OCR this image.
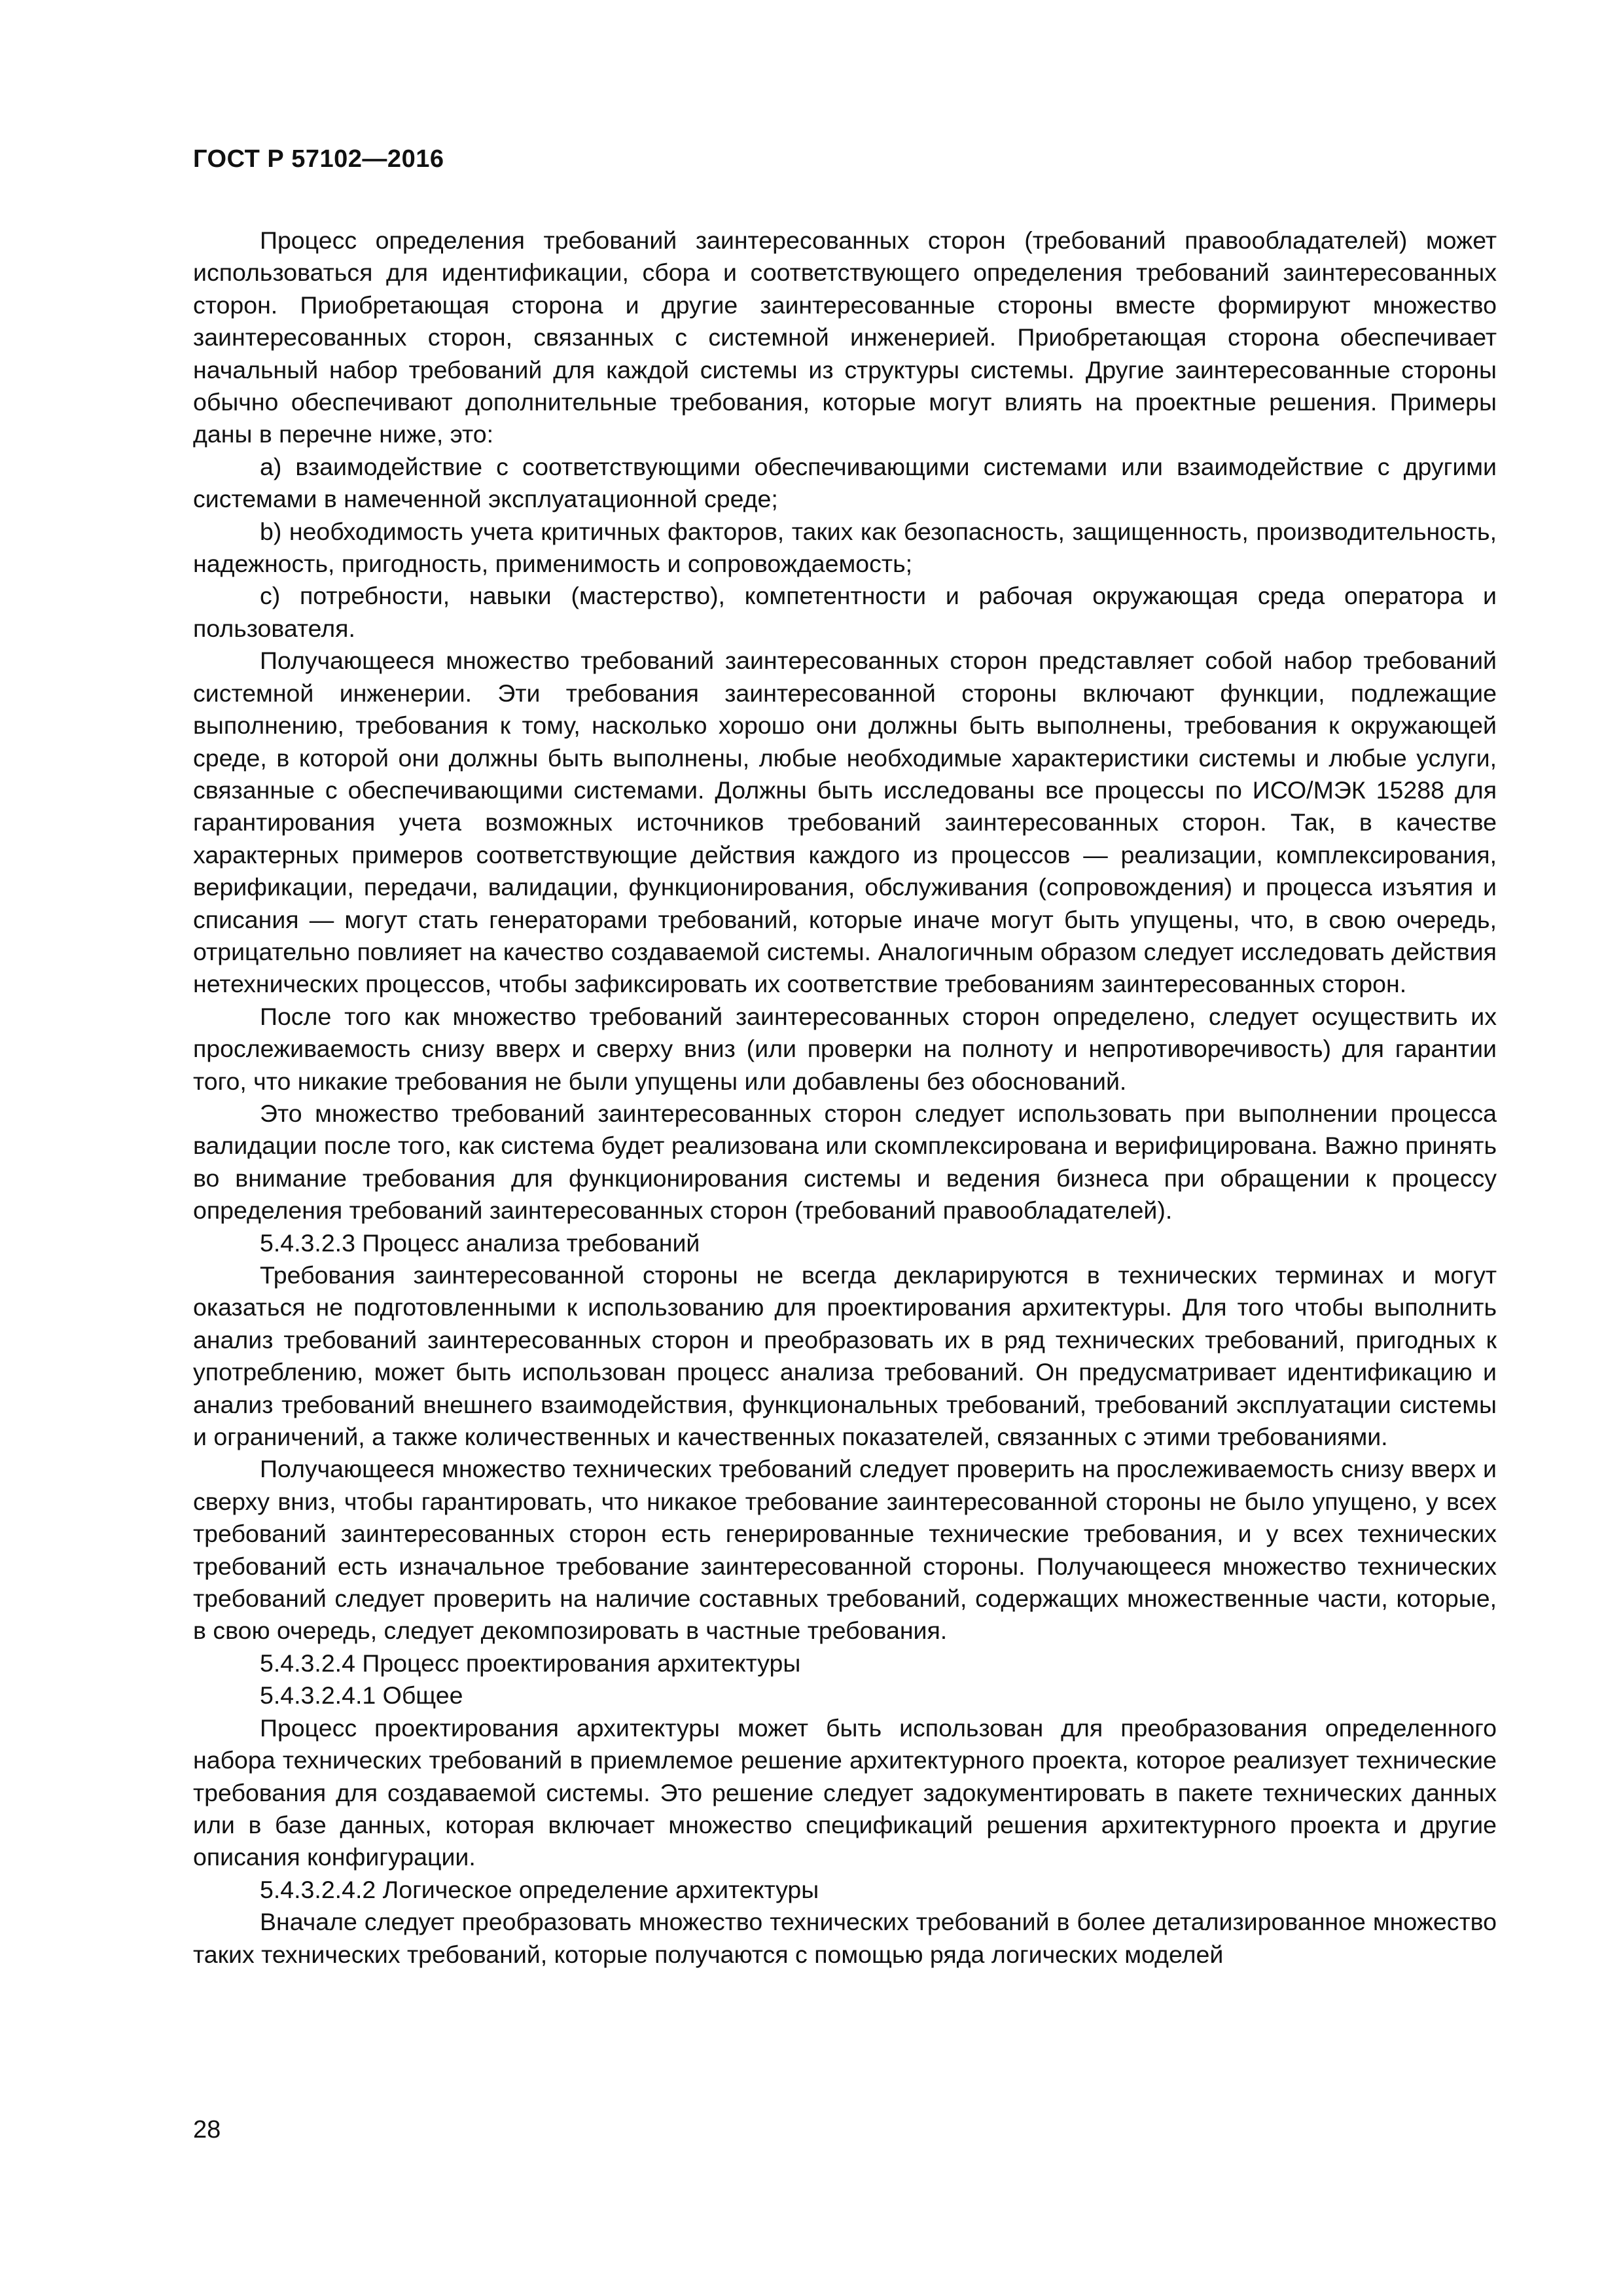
ГОСТ Р 57102—2016

Процесс определения требований заинтересованных сторон (требований правообладателей) может использоваться для идентификации, сбора и соответствующего определения требований заинтересованных сторон. Приобретающая сторона и другие заинтересованные стороны вместе формируют множество заинтересованных сторон, связанных с системной инженерией. Приобретающая сторона обеспечивает начальный набор требований для каждой системы из структуры системы. Другие заинтересованные стороны обычно обеспечивают дополнительные требования, которые могут влиять на проектные решения. Примеры даны в перечне ниже, это:

a) взаимодействие с соответствующими обеспечивающими системами или взаимодействие с другими системами в намеченной эксплуатационной среде;

b) необходимость учета критичных факторов, таких как безопасность, защищенность, производительность, надежность, пригодность, применимость и сопровождаемость;

c) потребности, навыки (мастерство), компетентности и рабочая окружающая среда оператора и пользователя.

Получающееся множество требований заинтересованных сторон представляет собой набор требований системной инженерии. Эти требования заинтересованной стороны включают функции, подлежащие выполнению, требования к тому, насколько хорошо они должны быть выполнены, требования к окружающей среде, в которой они должны быть выполнены, любые необходимые характеристики системы и любые услуги, связанные с обеспечивающими системами. Должны быть исследованы все процессы по ИСО/МЭК 15288 для гарантирования учета возможных источников требований заинтересованных сторон. Так, в качестве характерных примеров соответствующие действия каждого из процессов — реализации, комплексирования, верификации, передачи, валидации, функционирования, обслуживания (сопровождения) и процесса изъятия и списания — могут стать генераторами требований, которые иначе могут быть упущены, что, в свою очередь, отрицательно повлияет на качество создаваемой системы. Аналогичным образом следует исследовать действия нетехнических процессов, чтобы зафиксировать их соответствие требованиям заинтересованных сторон.

После того как множество требований заинтересованных сторон определено, следует осуществить их прослеживаемость снизу вверх и сверху вниз (или проверки на полноту и непротиворечивость) для гарантии того, что никакие требования не были упущены или добавлены без обоснований.

Это множество требований заинтересованных сторон следует использовать при выполнении процесса валидации после того, как система будет реализована или скомплексирована и верифицирована. Важно принять во внимание требования для функционирования системы и ведения бизнеса при обращении к процессу определения требований заинтересованных сторон (требований правообладателей).

5.4.3.2.3 Процесс анализа требований

Требования заинтересованной стороны не всегда декларируются в технических терминах и могут оказаться не подготовленными к использованию для проектирования архитектуры. Для того чтобы выполнить анализ требований заинтересованных сторон и преобразовать их в ряд технических требований, пригодных к употреблению, может быть использован процесс анализа требований. Он предусматривает идентификацию и анализ требований внешнего взаимодействия, функциональных требований, требований эксплуатации системы и ограничений, а также количественных и качественных показателей, связанных с этими требованиями.

Получающееся множество технических требований следует проверить на прослеживаемость снизу вверх и сверху вниз, чтобы гарантировать, что никакое требование заинтересованной стороны не было упущено, у всех требований заинтересованных сторон есть генерированные технические требования, и у всех технических требований есть изначальное требование заинтересованной стороны. Получающееся множество технических требований следует проверить на наличие составных требований, содержащих множественные части, которые, в свою очередь, следует декомпозировать в частные требования.

5.4.3.2.4 Процесс проектирования архитектуры

5.4.3.2.4.1 Общее

Процесс проектирования архитектуры может быть использован для преобразования определенного набора технических требований в приемлемое решение архитектурного проекта, которое реализует технические требования для создаваемой системы. Это решение следует задокументировать в пакете технических данных или в базе данных, которая включает множество спецификаций решения архитектурного проекта и другие описания конфигурации.

5.4.3.2.4.2 Логическое определение архитектуры

Вначале следует преобразовать множество технических требований в более детализированное множество таких технических требований, которые получаются с помощью ряда логических моделей

28
